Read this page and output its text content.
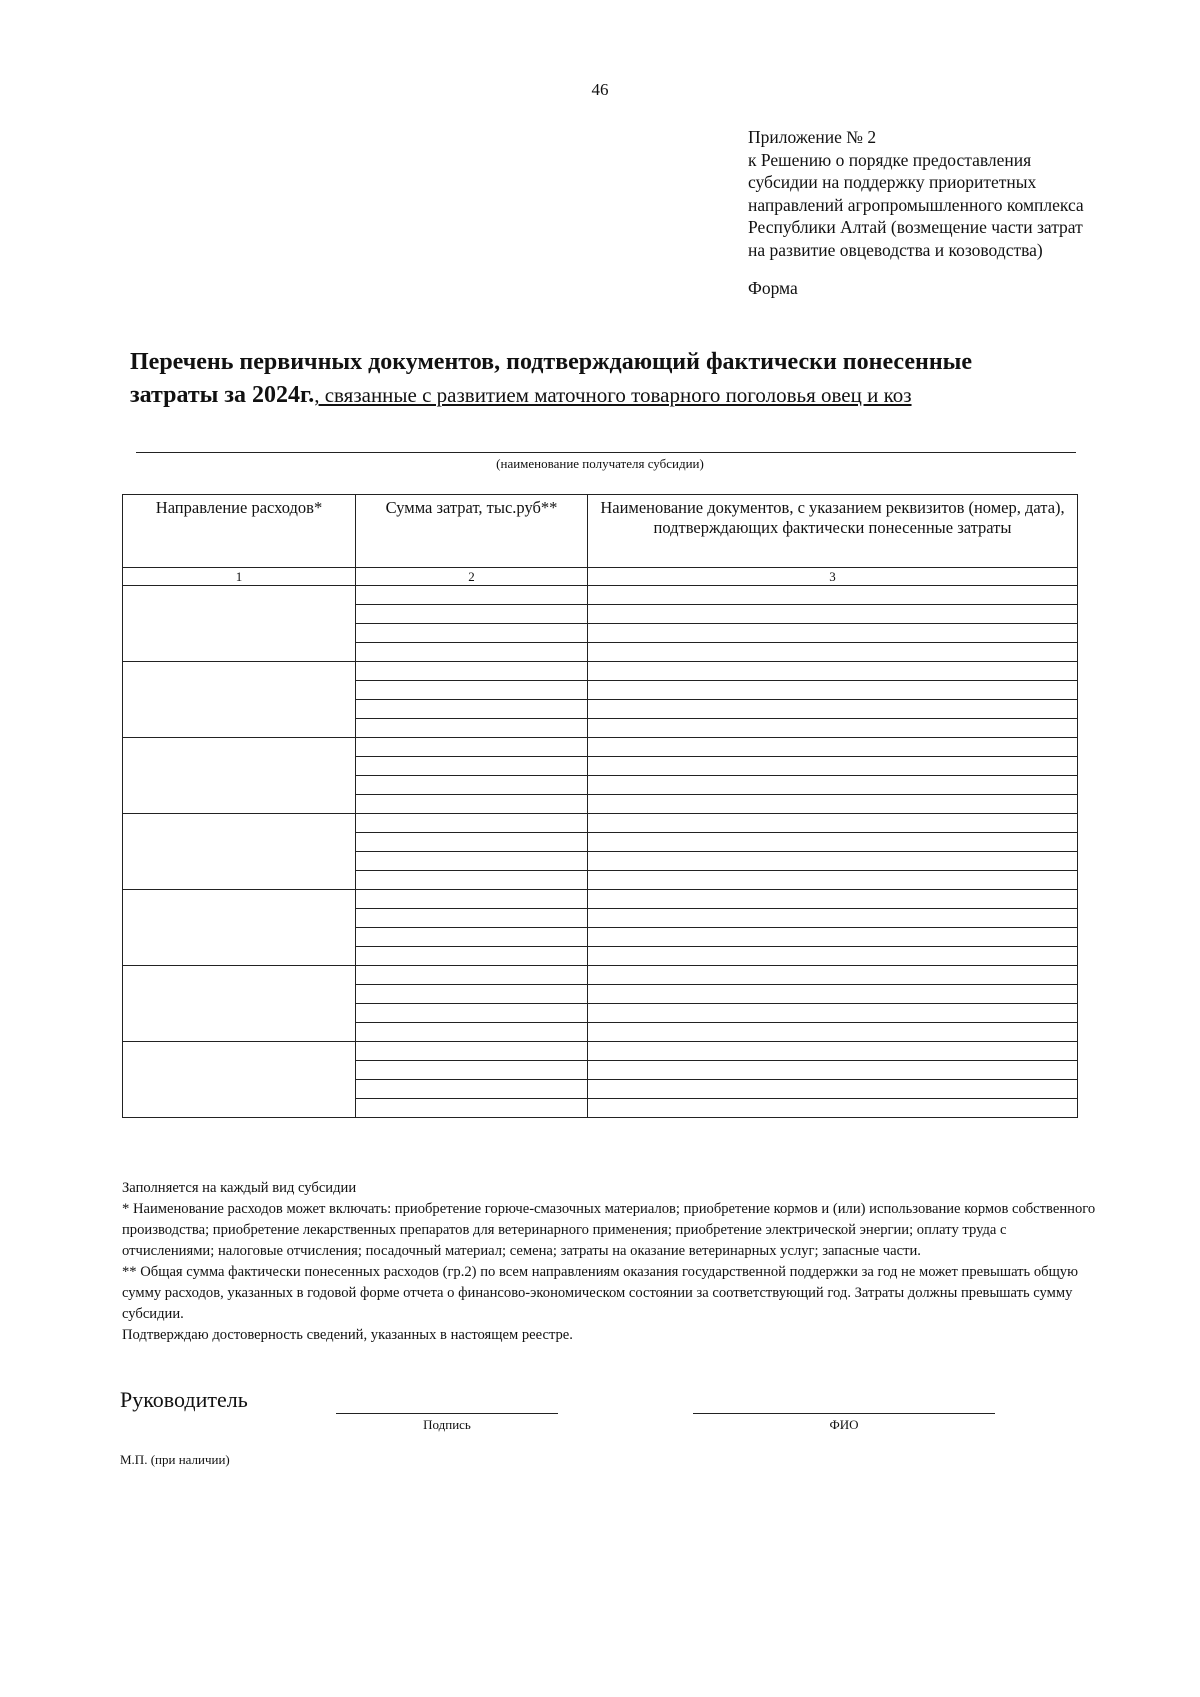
46
Приложение № 2
к Решению о порядке предоставления
субсидии на поддержку приоритетных
направлений агропромышленного комплекса
Республики Алтай (возмещение части затрат
на развитие овцеводства и козоводства)
Форма
Перечень первичных документов, подтверждающий фактически понесенные
затраты за 2024г., связанные с развитием маточного товарного поголовья овец и коз
(наименование получателя субсидии)
Направление расходов*	Сумма затрат, тыс.руб**	Наименование документов, с указанием реквизитов (номер, дата), подтверждающих фактически понесенные затраты
1	2	3

Заполняется на каждый вид субсидии
* Наименование расходов может включать: приобретение горюче-смазочных материалов; приобретение кормов и (или) использование кормов собственного производства; приобретение лекарственных препаратов для ветеринарного применения; приобретение электрической энергии; оплату труда с отчислениями; налоговые отчисления; посадочный материал; семена; затраты на оказание ветеринарных услуг; запасные части.
** Общая сумма фактически понесенных расходов (гр.2) по всем направлениям оказания государственной поддержки за год не может превышать общую сумму расходов, указанных в годовой форме отчета о финансово-экономическом состоянии за соответствующий год. Затраты должны превышать сумму субсидии.
Подтверждаю достоверность сведений, указанных в настоящем реестре.
Руководитель
Подпись	ФИО
М.П. (при наличии)
